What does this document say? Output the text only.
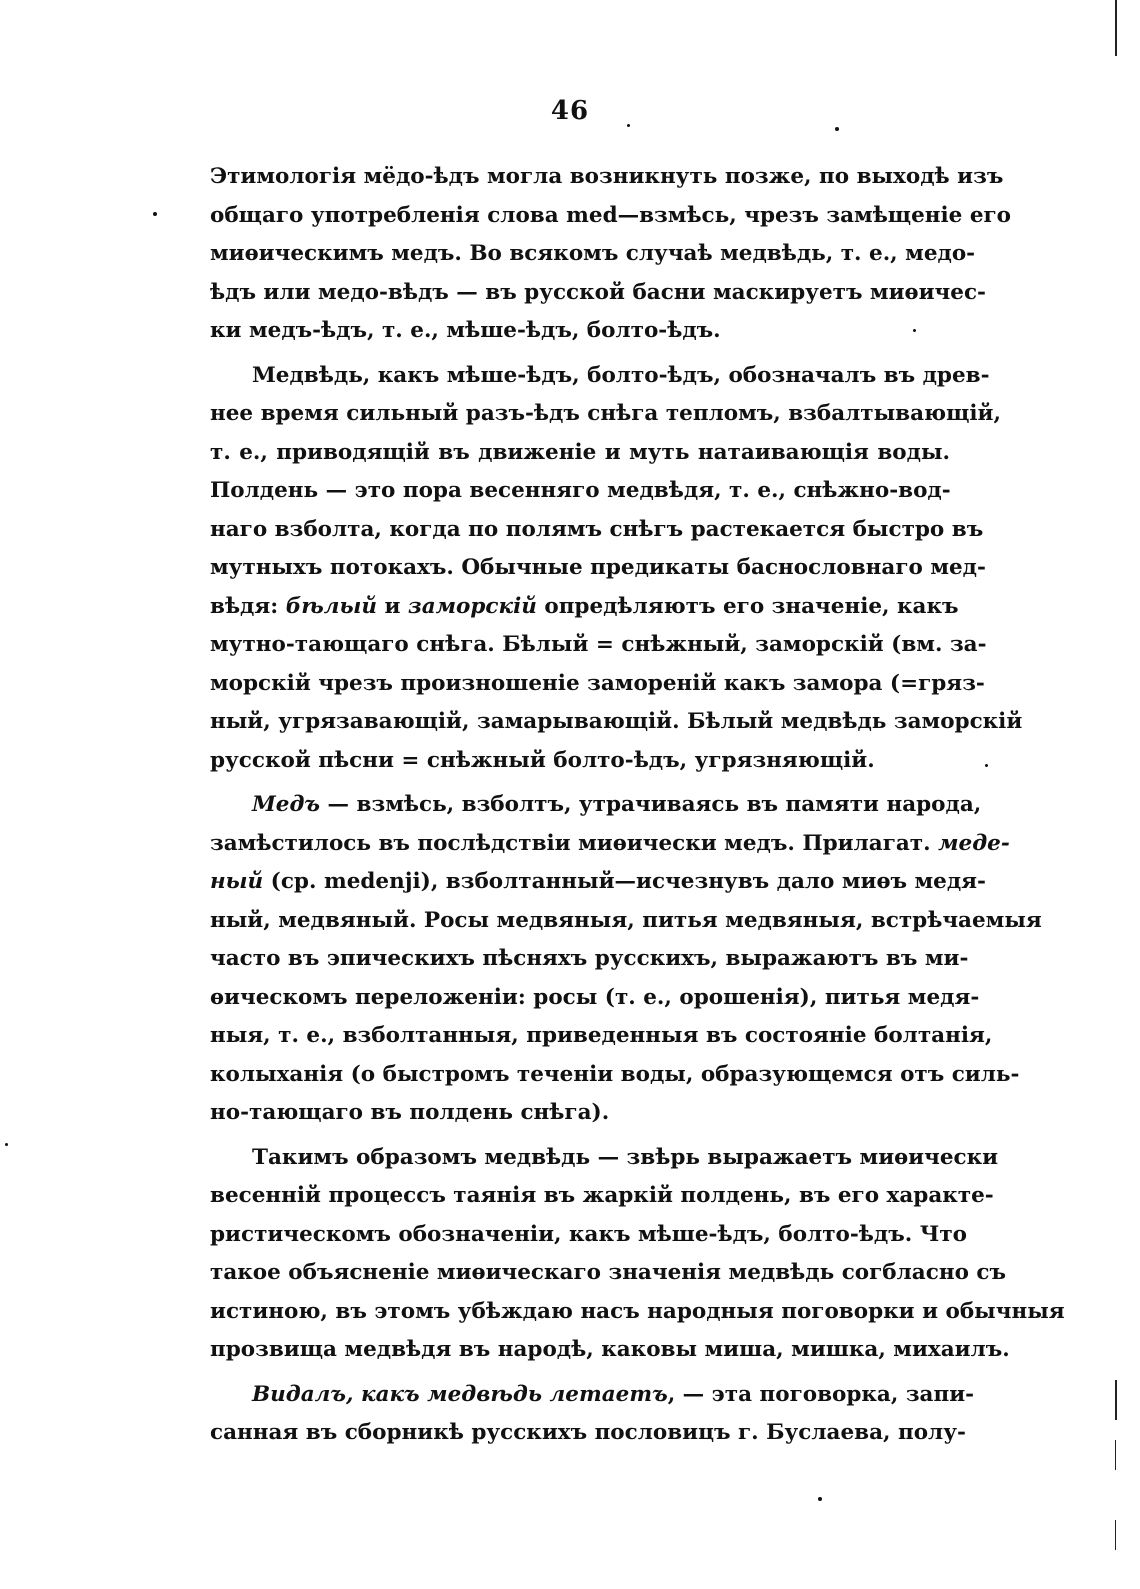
46
Этимологія мёдо-ѣдъ могла возникнуть позже, по выходѣ изъ
общаго употребленія слова med—взмѣсь, чрезъ замѣщеніе его
миѳическимъ медъ. Во всякомъ случаѣ медвѣдь, т. е., медо-
ѣдъ или медо-вѣдъ — въ русской басни маскируетъ миѳичес-
ки медъ-ѣдъ, т. е., мѣше-ѣдъ, болто-ѣдъ.
Медвѣдь, какъ мѣше-ѣдъ, болто-ѣдъ, обозначалъ въ древ-
нее время сильный разъ-ѣдъ снѣга тепломъ, взбалтывающій,
т. е., приводящій въ движеніе и муть натаивающія воды.
Полдень — это пора весенняго медвѣдя, т. е., снѣжно-вод-
наго взболта, когда по полямъ снѣгъ растекается быстро въ
мутныхъ потокахъ. Обычные предикаты баснословнаго мед-
вѣдя: бѣлый и заморскій опредѣляютъ его значеніе, какъ
мутно-тающаго снѣга. Бѣлый = снѣжный, заморскій (вм. за-
морскій чрезъ произношеніе замореній какъ заморa (=гряз-
ный, угрязавающій, замарывающій. Бѣлый медвѣдь заморскій
русской пѣсни = снѣжный болто-ѣдъ, угрязняющій.
Медъ — взмѣсь, взболтъ, утрачиваясь въ памяти народа,
замѣстилось въ послѣдствіи миѳически медъ. Прилагат. меде-
ный (ср. medenji), взболтанный—исчезнувъ дало миѳъ медя-
ный, медвяный. Росы медвяныя, питья медвяныя, встрѣчаемыя
часто въ эпическихъ пѣсняхъ русскихъ, выражаютъ въ ми-
ѳическомъ переложеніи: росы (т. е., орошенія), питья медя-
ныя, т. е., взболтанныя, приведенныя въ состояніе болтанія,
колыханія (о быстромъ теченіи воды, образующемся отъ силь-
но-тающаго въ полдень снѣга).
Такимъ образомъ медвѣдь — звѣрь выражаетъ миѳически
весенній процессъ таянія въ жаркій полдень, въ его характе-
ристическомъ обозначеніи, какъ мѣше-ѣдъ, болто-ѣдъ. Что
такое объясненіе миѳическаго значенія медвѣдь согбласно съ
истиною, въ этомъ убѣждаю насъ народныя поговорки и обычныя
прозвища медвѣдя въ народѣ, каковы мишa, мишка, михаилъ.
Видалъ, какъ медвѣдь летаетъ, — эта поговорка, запи-
санная въ сборникѣ русскихъ пословицъ г. Буслаева, полу-
